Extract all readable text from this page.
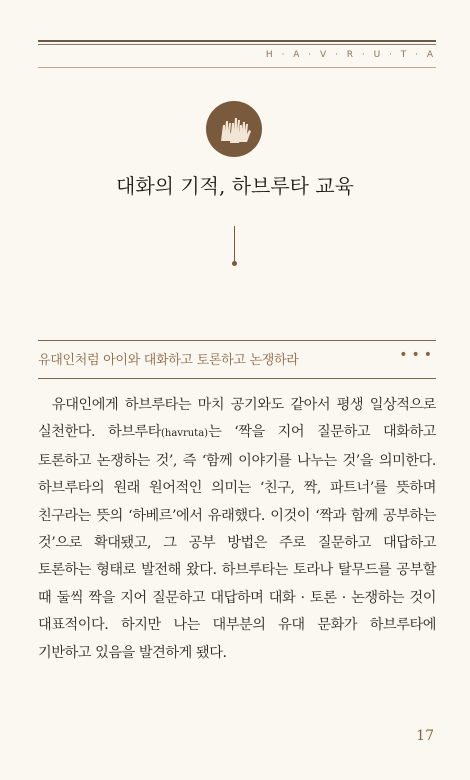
H · A · V · R · U · T · A
대화의 기적, 하브루타 교육
유대인처럼 아이와 대화하고 토론하고 논쟁하라	•••

유대인에게 하브루타는 마치 공기와도 같아서 평생 일상적으로 실천한다. 하브루타(havruta)는 ‘짝을 지어 질문하고 대화하고 토론하고 논쟁하는 것’, 즉 ‘함께 이야기를 나누는 것’을 의미한다. 하브루타의 원래 원어적인 의미는 ‘친구, 짝, 파트너’를 뜻하며 친구라는 뜻의 ‘하베르’에서 유래했다. 이것이 ‘짝과 함께 공부하는 것’으로 확대됐고, 그 공부 방법은 주로 질문하고 대답하고 토론하는 형태로 발전해 왔다. 하브루타는 토라나 탈무드를 공부할 때 둘씩 짝을 지어 질문하고 대답하며 대화 · 토론 · 논쟁하는 것이 대표적이다. 하지만 나는 대부분의 유대 문화가 하브루타에 기반하고 있음을 발견하게 됐다.

17
